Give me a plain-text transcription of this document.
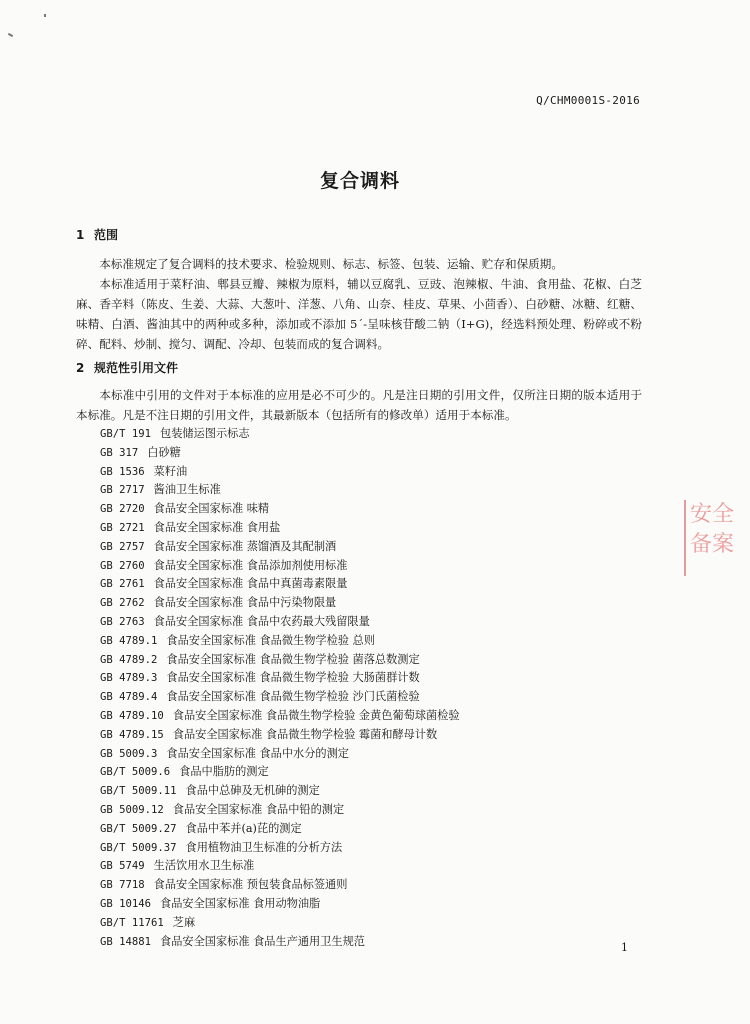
Q/CHM0001S-2016
复合调料
1 范围
本标准规定了复合调料的技术要求、检验规则、标志、标签、包装、运输、贮存和保质期。
本标准适用于菜籽油、郫县豆瓣、辣椒为原料，辅以豆腐乳、豆豉、泡辣椒、牛油、食用盐、花椒、白芝麻、香辛料（陈皮、生姜、大蒜、大葱叶、洋葱、八角、山奈、桂皮、草果、小茴香）、白砂糖、冰糖、红糖、味精、白酒、酱油其中的两种或多种，添加或不添加 5´-呈味核苷酸二钠（I+G)，经选料预处理、粉碎或不粉碎、配料、炒制、搅匀、调配、冷却、包装而成的复合调料。
2 规范性引用文件
本标准中引用的文件对于本标准的应用是必不可少的。凡是注日期的引用文件，仅所注日期的版本适用于本标准。凡是不注日期的引用文件，其最新版本（包括所有的修改单）适用于本标准。
GB/T 191 包装储运图示标志
GB 317 白砂糖
GB 1536 菜籽油
GB 2717 酱油卫生标准
GB 2720 食品安全国家标准 味精
GB 2721 食品安全国家标准 食用盐
GB 2757 食品安全国家标准 蒸馏酒及其配制酒
GB 2760 食品安全国家标准 食品添加剂使用标准
GB 2761 食品安全国家标准 食品中真菌毒素限量
GB 2762 食品安全国家标准 食品中污染物限量
GB 2763 食品安全国家标准 食品中农药最大残留限量
GB 4789.1 食品安全国家标准 食品微生物学检验 总则
GB 4789.2 食品安全国家标准 食品微生物学检验 菌落总数测定
GB 4789.3 食品安全国家标准 食品微生物学检验 大肠菌群计数
GB 4789.4 食品安全国家标准 食品微生物学检验 沙门氏菌检验
GB 4789.10 食品安全国家标准 食品微生物学检验 金黄色葡萄球菌检验
GB 4789.15 食品安全国家标准 食品微生物学检验 霉菌和酵母计数
GB 5009.3 食品安全国家标准 食品中水分的测定
GB/T 5009.6 食品中脂肪的测定
GB/T 5009.11 食品中总砷及无机砷的测定
GB 5009.12 食品安全国家标准 食品中铅的测定
GB/T 5009.27 食品中苯并(a)芘的测定
GB/T 5009.37 食用植物油卫生标准的分析方法
GB 5749 生活饮用水卫生标准
GB 7718 食品安全国家标准 预包装食品标签通则
GB 10146 食品安全国家标准 食用动物油脂
GB/T 11761 芝麻
GB 14881 食品安全国家标准 食品生产通用卫生规范
安全
备案
1
